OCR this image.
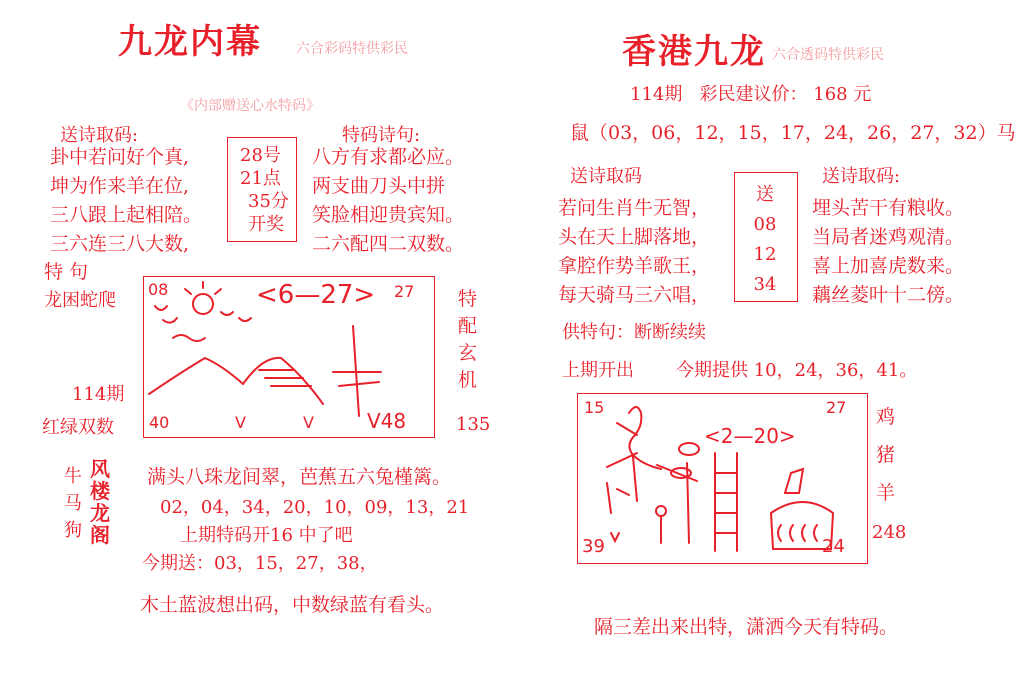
九龙内幕 六合彩码特供彩民
《内部赠送心水特码》
送诗取码:
卦中若问好个真,
坤为作来羊在位,
三八跟上起相陪。
三六连三八大数,
28号
21点
35分
开奖
特码诗句:
八方有求都必应。
两支曲刀头中拼
笑脸相迎贵宾知。
二六配四二双数。
特 句
龙困蛇爬
114期
红绿双数
08	<6—27> 27
40	V	V	V48
特
配
玄
机
135
牛
马
狗
风
楼
龙
阁
满头八珠龙间翠，芭蕉五六兔槿篱。
02，04，34，20，10，09，13，21
上期特码开16 中了吧
今期送：03，15，27，38，
木土蓝波想出码，中数绿蓝有看头。
香港九龙 六合透码特供彩民
114期   彩民建议价： 168 元
鼠（03，06，12，15，17，24，26，27，32）马
送诗取码	送诗取码:
若问生肖牛无智，
头在天上脚落地，
拿腔作势羊歌王，
每天骑马三六唱，
送
08
12
34
埋头苦干有粮收。
当局者迷鸡观清。
喜上加喜虎数来。
藕丝菱叶十二傍。
供特句：断断续续
上期开出 今期提供 10，24，36，41。
15	27
<2—20>
39	24
鸡
猪
羊
248
隔三差出来出特，潇洒今天有特码。
